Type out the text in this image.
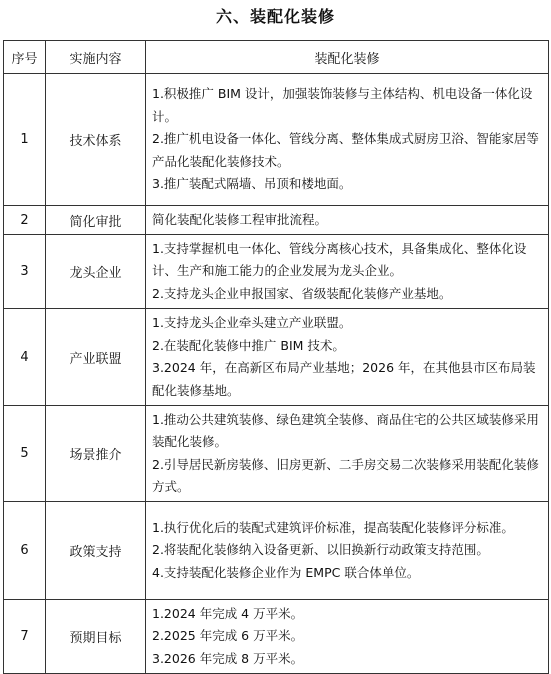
六、装配化装修
序号	实施内容	装配化装修
1	技术体系	1.积极推广 BIM 设计，加强装饰装修与主体结构、机电设备一体化设计。
2.推广机电设备一体化、管线分离、整体集成式厨房卫浴、智能家居等产品化装配化装修技术。
3.推广装配式隔墙、吊顶和楼地面。

2	简化审批	简化装配化装修工程审批流程。

3	龙头企业	1.支持掌握机电一体化、管线分离核心技术，具备集成化、整体化设计、生产和施工能力的企业发展为龙头企业。
2.支持龙头企业申报国家、省级装配化装修产业基地。

4	产业联盟	1.支持龙头企业牵头建立产业联盟。
2.在装配化装修中推广 BIM 技术。
3.2024 年，在高新区布局产业基地；2026 年，在其他县市区布局装配化装修基地。

5	场景推介	1.推动公共建筑装修、绿色建筑全装修、商品住宅的公共区域装修采用装配化装修。
2.引导居民新房装修、旧房更新、二手房交易二次装修采用装配化装修方式。

6	政策支持	1.执行优化后的装配式建筑评价标准，提高装配化装修评分标准。
2.将装配化装修纳入设备更新、以旧换新行动政策支持范围。
4.支持装配化装修企业作为 EMPC 联合体单位。

7	预期目标	1.2024 年完成 4 万平米。
2.2025 年完成 6 万平米。
3.2026 年完成 8 万平米。
